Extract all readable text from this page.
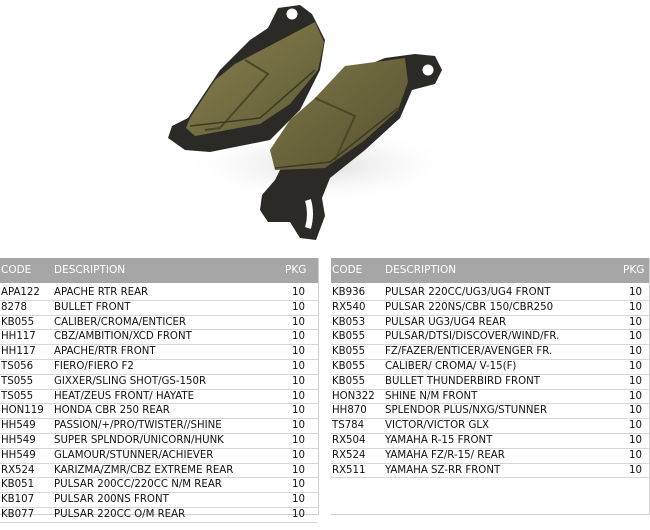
CODE DESCRIPTION	PKG
APA122 APACHE RTR REAR	10
8278	BULLET FRONT	10
KB055 CALIBER/CROMA/ENTICER	10
HH117 CBZ/AMBITION/XCD FRONT	10
HH117 APACHE/RTR FRONT	10
TS056 FIERO/FIERO F2	10
TS055 GIXXER/SLING SHOT/GS-150R	10
TS055 HEAT/ZEUS FRONT/ HAYATE	10
HON119 HONDA CBR 250 REAR	10
HH549 PASSION/+/PRO/TWISTER//SHINE	10
HH549 SUPER SPLNDOR/UNICORN/HUNK	10
HH549 GLAMOUR/STUNNER/ACHIEVER	10
RX524 KARIZMA/ZMR/CBZ EXTREME REAR	10
KB051 PULSAR 200CC/220CC N/M REAR	10
KB107 PULSAR 200NS FRONT	10
KB077 PULSAR 220CC O/M REAR	10
CODE DESCRIPTION	PKG
KB936 PULSAR 220CC/UG3/UG4 FRONT	10
RX540 PULSAR 220NS/CBR 150/CBR250	10
KB053 PULSAR UG3/UG4 REAR	10
KB055 PULSAR/DTSI/DISCOVER/WIND/FR.	10
KB055 FZ/FAZER/ENTICER/AVENGER FR.	10
KB055 CALIBER/ CROMA/ V-15(F)	10
KB055 BULLET THUNDERBIRD FRONT	10
HON322 SHINE N/M FRONT	10
HH870 SPLENDOR PLUS/NXG/STUNNER	10
TS784 VICTOR/VICTOR GLX	10
RX504 YAMAHA R-15 FRONT	10
RX524 YAMAHA FZ/R-15/ REAR	10
RX511 YAMAHA SZ-RR FRONT	10
